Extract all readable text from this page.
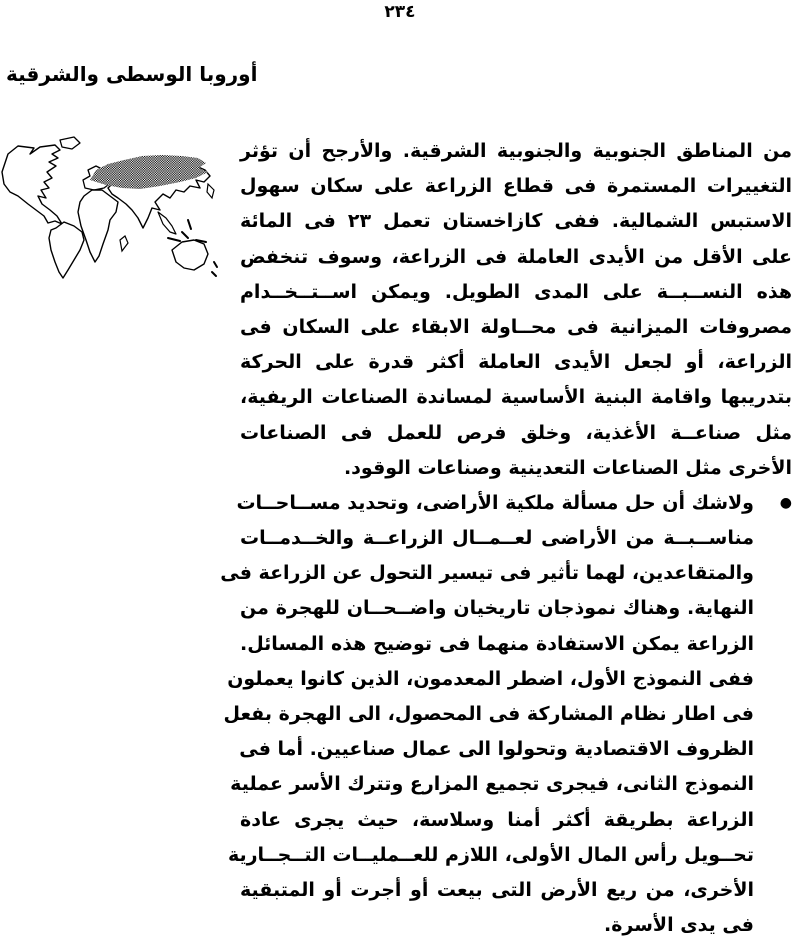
٢٣٤
أوروبا الوسطى والشرقية
من المناطق الجنوبية والجنوبية الشرقية. والأرجح أن تؤثر
التغييرات المستمرة فى قطاع الزراعة على سكان سهول
الاستبس الشمالية. ففى كازاخستان تعمل ٢٣ فى المائة
على الأقل من الأيدى العاملة فى الزراعة، وسوف تنخفض
هذه النســبــة على المدى الطويل. ويمكن اســتــخــدام
مصروفات الميزانية فى محــاولة الابقاء على السكان فى
الزراعة، أو لجعل الأيدى العاملة أكثر قدرة على الحركة
بتدريبها واقامة البنية الأساسية لمساندة الصناعات الريفية،
مثل صناعــة الأغذية، وخلق فرص للعمل فى الصناعات
الأخرى مثل الصناعات التعدينية وصناعات الوقود.
●
ولاشك أن حل مسألة ملكية الأراضى، وتحديد مســاحــات
مناســبــة من الأراضى لعــمــال الزراعــة والخــدمــات
والمتقاعدين، لهما تأثير فى تيسير التحول عن الزراعة فى
النهاية. وهناك نموذجان تاريخيان واضــحــان للهجرة من
الزراعة يمكن الاستفادة منهما فى توضيح هذه المسائل.
ففى النموذج الأول، اضطر المعدمون، الذين كانوا يعملون
فى اطار نظام المشاركة فى المحصول، الى الهجرة بفعل
الظروف الاقتصادية وتحولوا الى عمال صناعيين. أما فى
النموذج الثانى، فيجرى تجميع المزارع وتترك الأسر عملية
الزراعة بطريقة أكثر أمنا وسلاسة، حيث يجرى عادة
تحــويل رأس المال الأولى، اللازم للعــمليــات التــجــارية
الأخرى، من ريع الأرض التى بيعت أو أجرت أو المتبقية
فى يدى الأسرة.
